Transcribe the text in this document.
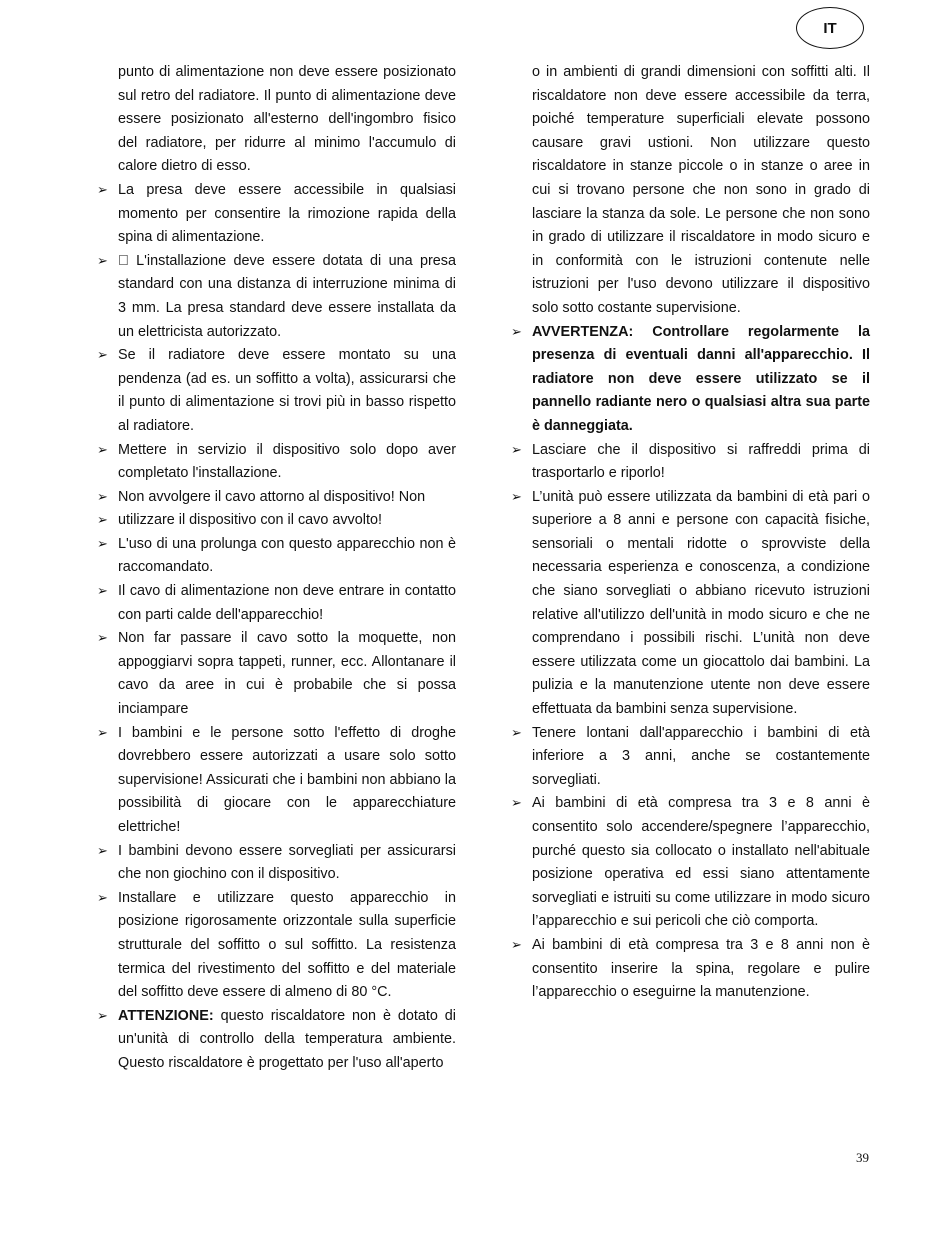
IT

punto di alimentazione non deve essere posizionato sul retro del radiatore. Il punto di alimentazione deve essere posizionato all'esterno dell'ingombro fisico del radiatore, per ridurre al minimo l'accumulo di calore dietro di esso.

➢ La presa deve essere accessibile in qualsiasi momento per consentire la rimozione rapida della spina di alimentazione.
➢   L'installazione deve essere dotata di una presa standard con una distanza di interruzione minima di 3 mm. La presa standard deve essere installata da un elettricista autorizzato.
➢ Se il radiatore deve essere montato su una pendenza (ad es. un soffitto a volta), assicurarsi che il punto di alimentazione si trovi più in basso rispetto al radiatore.
➢ Mettere in servizio il dispositivo solo dopo aver completato l'installazione.
➢ Non avvolgere il cavo attorno al dispositivo! Non
➢ utilizzare il dispositivo con il cavo avvolto!
➢ L'uso di una prolunga con questo apparecchio non è raccomandato.
➢ Il cavo di alimentazione non deve entrare in contatto con parti calde dell'apparecchio!
➢ Non far passare il cavo sotto la moquette, non appoggiarvi sopra tappeti, runner, ecc. Allontanare il cavo da aree in cui è probabile che si possa inciampare
➢ I bambini e le persone sotto l'effetto di droghe dovrebbero essere autorizzati a usare solo sotto supervisione! Assicurati che i bambini non abbiano la possibilità di giocare con le apparecchiature elettriche!
➢ I bambini devono essere sorvegliati per assicurarsi che non giochino con il dispositivo.
➢ Installare e utilizzare questo apparecchio in posizione rigorosamente orizzontale sulla superficie strutturale del soffitto o sul soffitto. La resistenza termica del rivestimento del soffitto e del materiale del soffitto deve essere di almeno di 80 °C.
➢ ATTENZIONE: questo riscaldatore non è dotato di un'unità di controllo della temperatura ambiente. Questo riscaldatore è progettato per l'uso all'aperto

o in ambienti di grandi dimensioni con soffitti alti. Il riscaldatore non deve essere accessibile da terra, poiché temperature superficiali elevate possono causare gravi ustioni. Non utilizzare questo riscaldatore in stanze piccole o in stanze o aree in cui si trovano persone che non sono in grado di lasciare la stanza da sole. Le persone che non sono in grado di utilizzare il riscaldatore in modo sicuro e in conformità con le istruzioni contenute nelle istruzioni per l'uso devono utilizzare il dispositivo solo sotto costante supervisione.

➢ AVVERTENZA: Controllare regolarmente la presenza di eventuali danni all'apparecchio. Il radiatore non deve essere utilizzato se il pannello radiante nero o qualsiasi altra sua parte è danneggiata.
➢ Lasciare che il dispositivo si raffreddi prima di trasportarlo e riporlo!
➢ L’unità può essere utilizzata da bambini di età pari o superiore a 8 anni e persone con capacità fisiche, sensoriali o mentali ridotte o sprovviste della necessaria esperienza e conoscenza, a condizione che siano sorvegliati o abbiano ricevuto istruzioni relative all'utilizzo dell'unità in modo sicuro e che ne comprendano i possibili rischi. L’unità non deve essere utilizzata come un giocattolo dai bambini. La pulizia e la manutenzione utente non deve essere effettuata da bambini senza supervisione.
➢ Tenere lontani dall'apparecchio i bambini di età inferiore a 3 anni, anche se costantemente sorvegliati.
➢ Ai bambini di età compresa tra 3 e 8 anni è consentito solo accendere/spegnere l’apparecchio, purché questo sia collocato o installato nell'abituale posizione operativa ed essi siano attentamente sorvegliati e istruiti su come utilizzare in modo sicuro l’apparecchio e sui pericoli che ciò comporta.
➢ Ai bambini di età compresa tra 3 e 8 anni non è consentito inserire la spina, regolare e pulire l’apparecchio o eseguirne la manutenzione.
39
